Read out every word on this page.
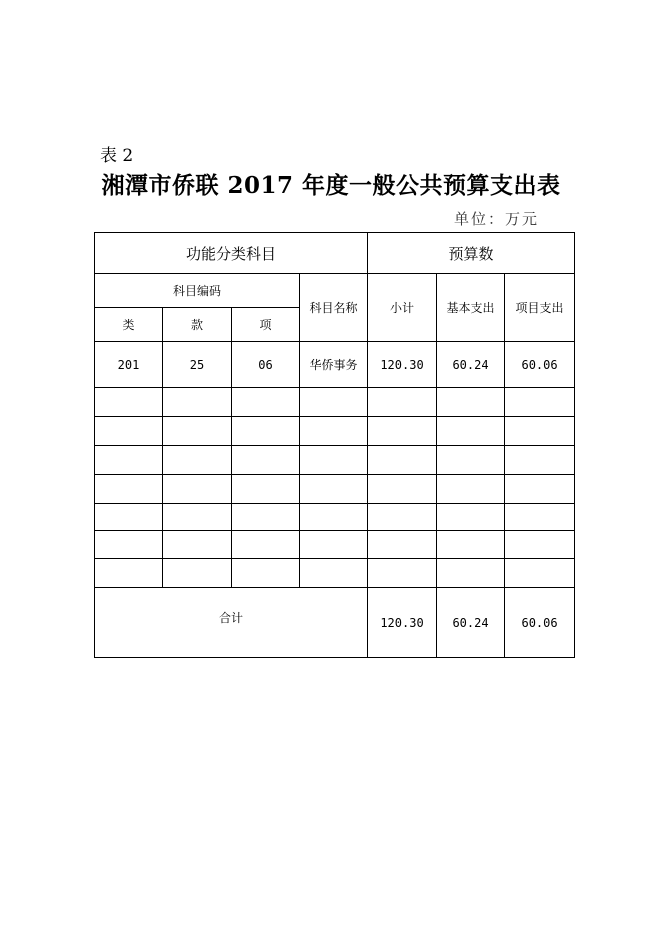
表 2
湘潭市侨联 2017 年度一般公共预算支出表
单位：万元
功能分类科目				预算数		
科目编码			科目名称	小计	基本支出	项目支出
类	款	项				
201	25	06	华侨事务	120.30	60.24	60.06

合计				120.30	60.24	60.06
